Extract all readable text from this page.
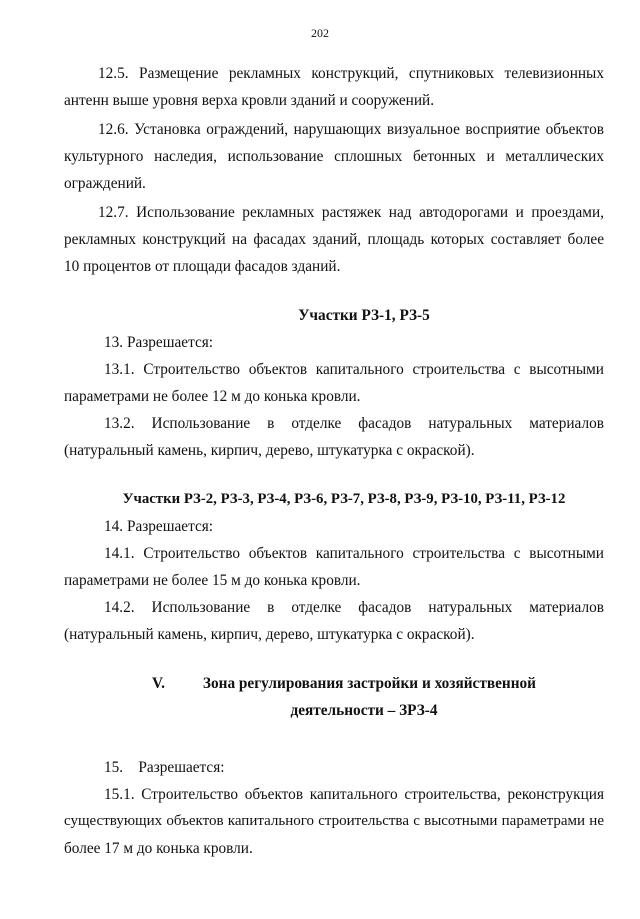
202

12.5. Размещение рекламных конструкций, спутниковых телевизионных

антенн выше уровня верха кровли зданий и сооружений.

12.6. Установка ограждений, нарушающих визуальное восприятие объектов

культурного наследия, использование сплошных бетонных и металлических

ограждений.

12.7. Использование рекламных растяжек над автодорогами и проездами,

рекламных конструкций на фасадах зданий, площадь которых составляет более

10 процентов от площади фасадов зданий.

Участки РЗ-1, РЗ-5

13. Разрешается:

13.1. Строительство объектов капитального строительства с высотными

параметрами не более 12 м до конька кровли.

13.2. Использование в отделке фасадов натуральных материалов

(натуральный камень, кирпич, дерево, штукатурка с окраской).

Участки РЗ-2, РЗ-3, РЗ-4, РЗ-6, РЗ-7, РЗ-8, РЗ-9, РЗ-10, РЗ-11, РЗ-12

14. Разрешается:

14.1. Строительство объектов капитального строительства с высотными

параметрами не более 15 м до конька кровли.

14.2. Использование в отделке фасадов натуральных материалов

(натуральный камень, кирпич, дерево, штукатурка с окраской).

V. Зона регулирования застройки и хозяйственной
деятельности – ЗРЗ-4

15.    Разрешается:

15.1. Строительство объектов капитального строительства, реконструкция

существующих объектов капитального строительства с высотными параметрами не

более 17 м до конька кровли.
